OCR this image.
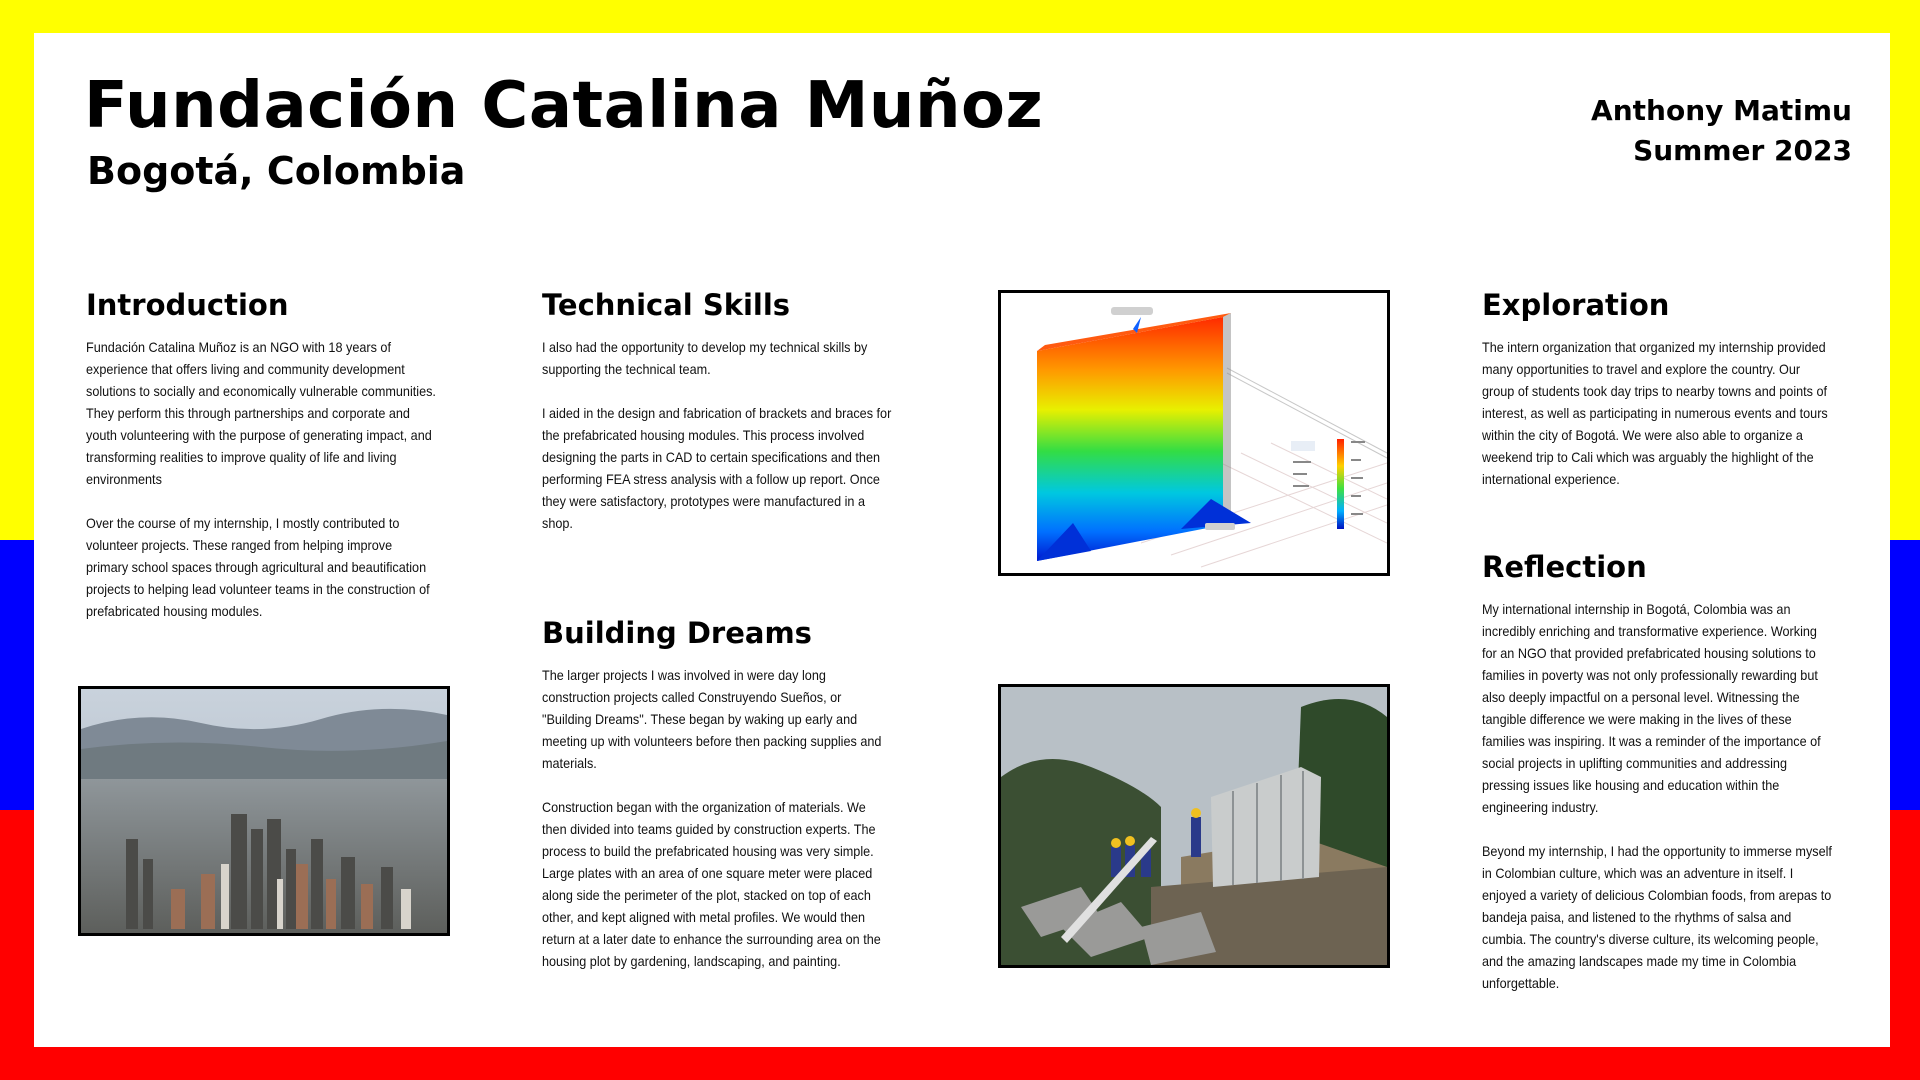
Fundación Catalina Muñoz
Bogotá, Colombia
Anthony Matimu
Summer 2023
Introduction

Fundación Catalina Muñoz is an NGO with 18 years of experience that offers living and community development solutions to socially and economically vulnerable communities. They perform this through partnerships and corporate and youth volunteering with the purpose of generating impact, and transforming realities to improve quality of life and living environments

Over the course of my internship, I mostly contributed to volunteer projects. These ranged from helping improve primary school spaces through agricultural and beautification projects to helping lead volunteer teams in the construction of prefabricated housing modules.

Technical Skills

I also had the opportunity to develop my technical skills by supporting the technical team.

I aided in the design and fabrication of brackets and braces for the prefabricated housing modules. This process involved designing the parts in CAD to certain specifications and then performing FEA stress analysis with a follow up report. Once they were satisfactory, prototypes were manufactured in a shop.

Building Dreams

The larger projects I was involved in were day long construction projects called Construyendo Sueños, or "Building Dreams". These began by waking up early and meeting up with volunteers before then packing supplies and materials.

Construction began with the organization of materials. We then divided into teams guided by construction experts. The process to build the prefabricated housing was very simple. Large plates with an area of one square meter were placed along side the perimeter of the plot, stacked on top of each other, and kept aligned with metal profiles. We would then return at a later date to enhance the surrounding area on the housing plot by gardening, landscaping, and painting.

Exploration

The intern organization that organized my internship provided many opportunities to travel and explore the country. Our group of students took day trips to nearby towns and points of interest, as well as participating in numerous events and tours within the city of Bogotá. We were also able to organize a weekend trip to Cali which was arguably the highlight of the international experience.

Reflection

My international internship in Bogotá, Colombia was an incredibly enriching and transformative experience. Working for an NGO that provided prefabricated housing solutions to families in poverty was not only professionally rewarding but also deeply impactful on a personal level. Witnessing the tangible difference we were making in the lives of these families was inspiring. It was a reminder of the importance of social projects in uplifting communities and addressing pressing issues like housing and education within the engineering industry.

Beyond my internship, I had the opportunity to immerse myself in Colombian culture, which was an adventure in itself. I enjoyed a variety of delicious Colombian foods, from arepas to bandeja paisa, and listened to the rhythms of salsa and cumbia. The country's diverse culture, its welcoming people, and the amazing landscapes made my time in Colombia unforgettable.
